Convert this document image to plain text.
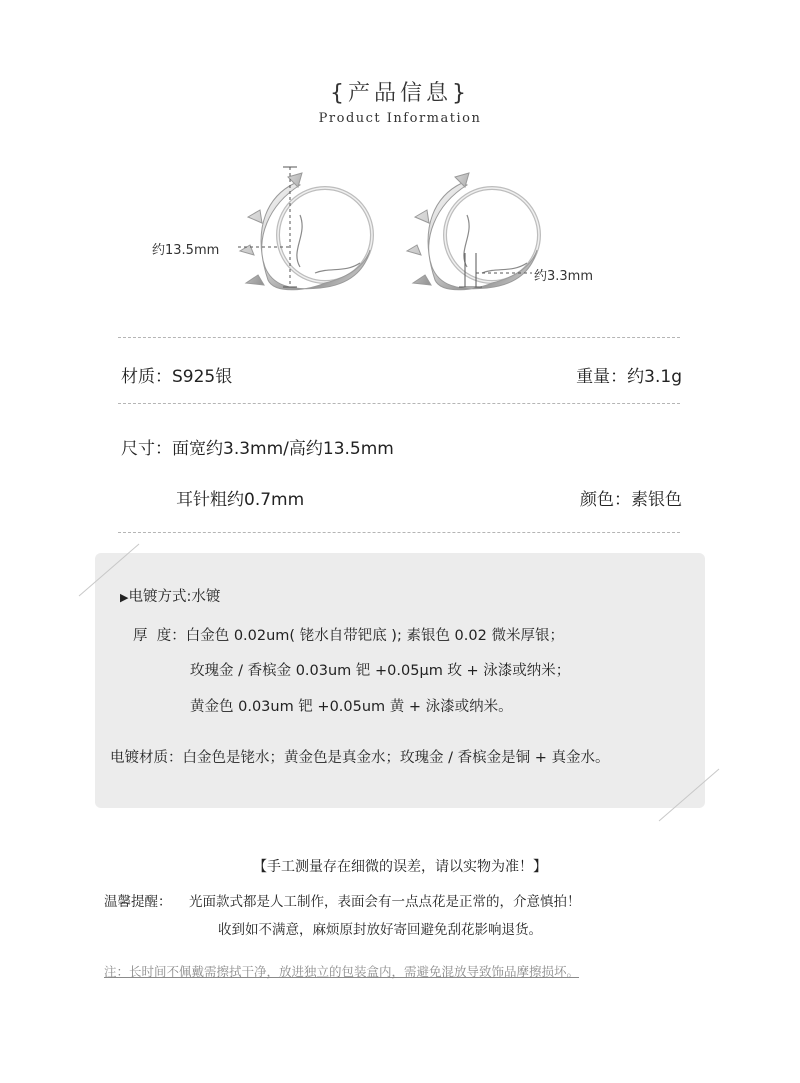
{产品信息}
Product Information
约13.5mm
约3.3mm
材质：S925银	重量：约3.1g
尺寸：面宽约3.3mm/高约13.5mm
耳针粗约0.7mm	颜色：素银色
▶电镀方式:水镀
厚  度：白金色 0.02um( 铑水自带钯底 ); 素银色 0.02 微米厚银；
玫瑰金 / 香槟金 0.03um 钯 +0.05μm 玫 + 泳漆或纳米；
黄金色 0.03um 钯 +0.05um 黄 + 泳漆或纳米。
电镀材质：白金色是铑水；黄金色是真金水；玫瑰金 / 香槟金是铜 + 真金水。
【手工测量存在细微的误差，请以实物为准！】
温馨提醒： 光面款式都是人工制作，表面会有一点点花是正常的，介意慎拍！
收到如不满意，麻烦原封放好寄回避免刮花影响退货。
注：长时间不佩戴需擦拭干净，放进独立的包装盒内，需避免混放导致饰品摩擦损坏。
